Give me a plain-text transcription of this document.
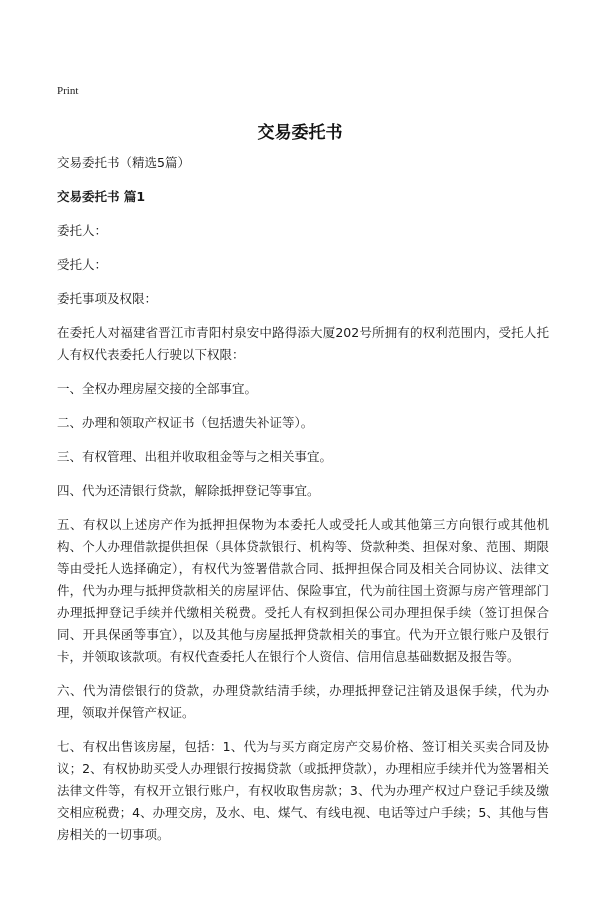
Print
交易委托书

交易委托书（精选5篇）

交易委托书 篇1

委托人：

受托人：

委托事项及权限：

在委托人对福建省晋江市青阳村泉安中路得添大厦202号所拥有的权利范围内，受托人托人有权代表委托人行驶以下权限：

一、全权办理房屋交接的全部事宜。

二、办理和领取产权证书（包括遗失补证等）。

三、有权管理、出租并收取租金等与之相关事宜。

四、代为还清银行贷款，解除抵押登记等事宜。

五、有权以上述房产作为抵押担保物为本委托人或受托人或其他第三方向银行或其他机构、个人办理借款提供担保（具体贷款银行、机构等、贷款种类、担保对象、范围、期限等由受托人选择确定），有权代为签署借款合同、抵押担保合同及相关合同协议、法律文件，代为办理与抵押贷款相关的房屋评估、保险事宜，代为前往国土资源与房产管理部门办理抵押登记手续并代缴相关税费。受托人有权到担保公司办理担保手续（签订担保合同、开具保函等事宜），以及其他与房屋抵押贷款相关的事宜。代为开立银行账户及银行卡，并领取该款项。有权代查委托人在银行个人资信、信用信息基础数据及报告等。

六、代为清偿银行的贷款，办理贷款结清手续，办理抵押登记注销及退保手续，代为办理，领取并保管产权证。

七、有权出售该房屋，包括：1、代为与买方商定房产交易价格、签订相关买卖合同及协议；2、有权协助买受人办理银行按揭贷款（或抵押贷款），办理相应手续并代为签署相关法律文件等，有权开立银行账户，有权收取售房款；3、代为办理产权过户登记手续及缴交相应税费；4、办理交房，及水、电、煤气、有线电视、电话等过户手续；5、其他与售房相关的一切事项。
